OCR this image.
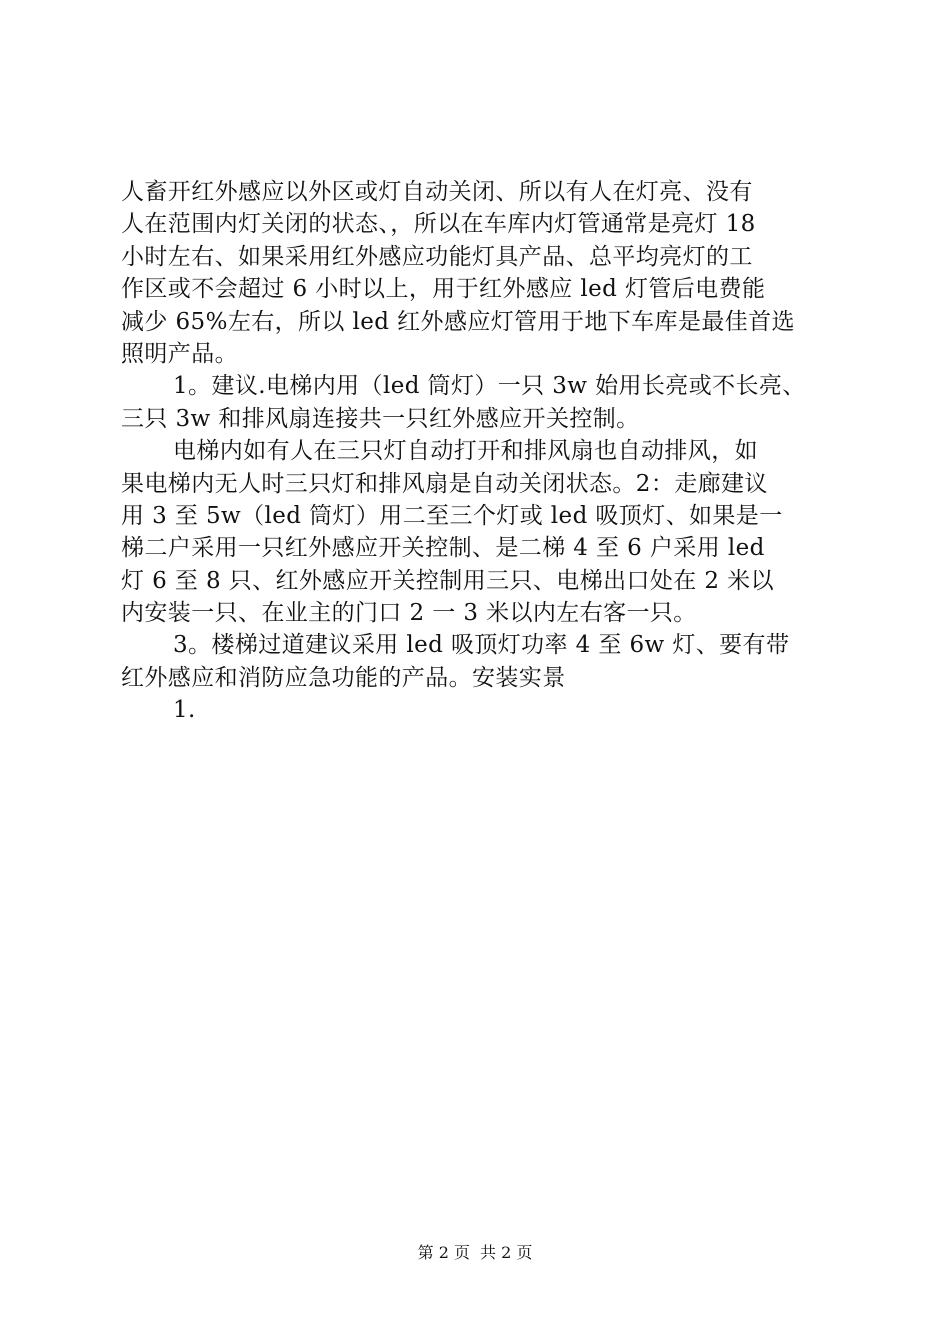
人畜开红外感应以外区或灯自动关闭、所以有人在灯亮、没有
人在范围内灯关闭的状态、，所以在车库内灯管通常是亮灯 18
小时左右、如果采用红外感应功能灯具产品、总平均亮灯的工
作区或不会超过 6 小时以上，用于红外感应 led 灯管后电费能
减少 65%左右，所以 led 红外感应灯管用于地下车库是最佳首选
照明产品。
1。建议.电梯内用（led 筒灯）一只 3w 始用长亮或不长亮、
三只 3w 和排风扇连接共一只红外感应开关控制。
电梯内如有人在三只灯自动打开和排风扇也自动排风，如
果电梯内无人时三只灯和排风扇是自动关闭状态。2：走廊建议
用 3 至 5w（led 筒灯）用二至三个灯或 led 吸顶灯、如果是一
梯二户采用一只红外感应开关控制、是二梯 4 至 6 户采用 led
灯 6 至 8 只、红外感应开关控制用三只、电梯出口处在 2 米以
内安装一只、在业主的门口 2 一 3 米以内左右客一只。
3。楼梯过道建议采用 led 吸顶灯功率 4 至 6w 灯、要有带
红外感应和消防应急功能的产品。安装实景
1.
第 2 页 共 2 页
